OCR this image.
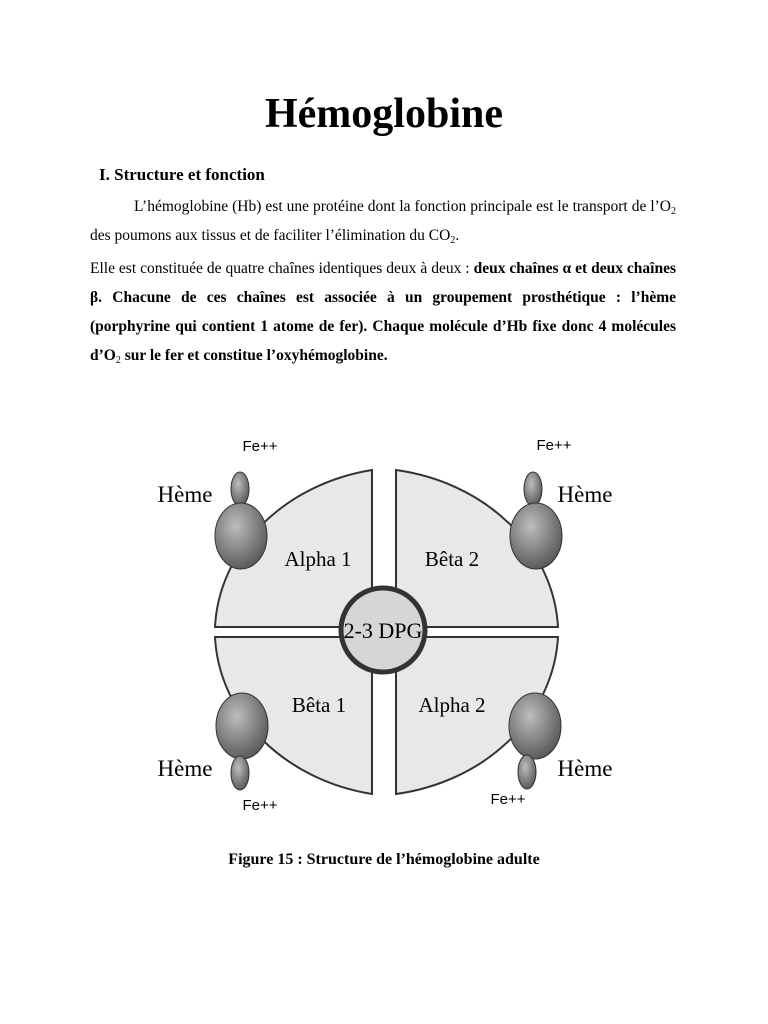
Hémoglobine
I. Structure et fonction
L’hémoglobine (Hb) est une protéine dont la fonction principale est le transport de $l’O_2$ des poumons aux tissus et de faciliter l’élimination du $CO_2$.
Elle est constituée de quatre chaînes identiques deux à deux : deux chaînes α et deux chaînes β. Chacune de ces chaînes est associée à un groupement prosthétique : l’hème (porphyrine qui contient 1 atome de fer). Chaque molécule d’Hb fixe donc 4 molécules $d’O_2$ sur le fer et constitue l’oxyhémoglobine.
2-3 DPG
Alpha 1	Bêta 2
Bêta 1	Alpha 2
Hème	Hème
Hème	Hème
Fe++	Fe++
Fe++	Fe++
Figure 15 : Structure de l’hémoglobine adulte
